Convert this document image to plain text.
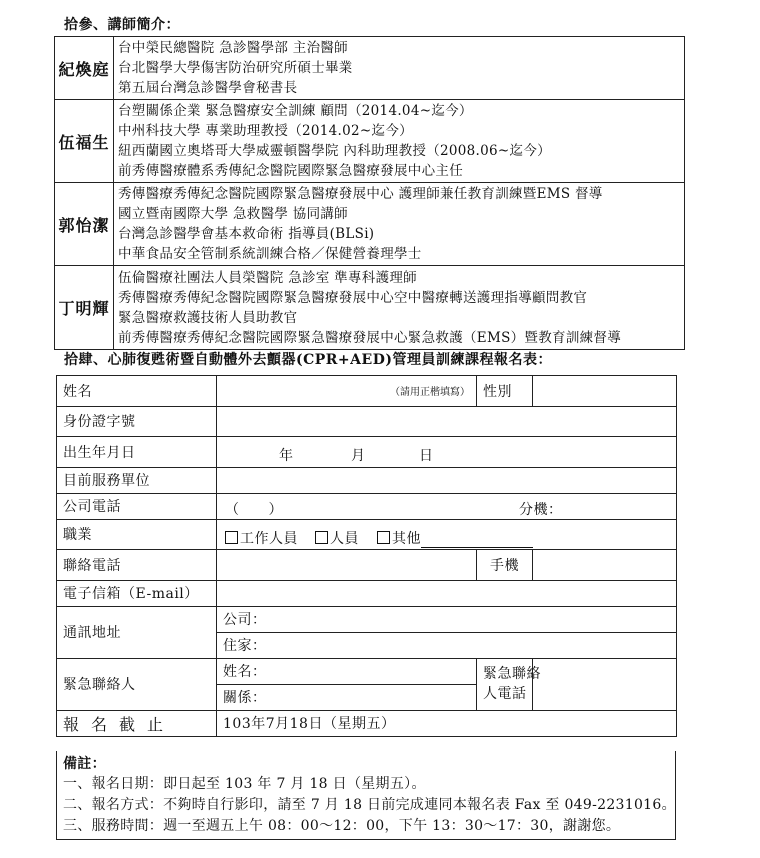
拾參、講師簡介：
紀煥庭	台中榮民總醫院 急診醫學部 主治醫師
台北醫學大學傷害防治研究所碩士畢業
第五屆台灣急診醫學會秘書長

伍福生	台塑關係企業 緊急醫療安全訓練 顧問（2014.04~迄今）
中州科技大學 專業助理教授（2014.02~迄今）
紐西蘭國立奧塔哥大學威靈頓醫學院 內科助理教授（2008.06~迄今）
前秀傳醫療體系秀傳紀念醫院國際緊急醫療發展中心主任

郭怡潔	秀傳醫療秀傳紀念醫院國際緊急醫療發展中心 護理師兼任教育訓練暨EMS 督導
國立暨南國際大學 急救醫學 協同講師
台灣急診醫學會基本救命術 指導員(BLSi)
中華食品安全管制系統訓練合格／保健營養理學士

丁明輝	伍倫醫療社團法人員榮醫院 急診室 準專科護理師
秀傳醫療秀傳紀念醫院國際緊急醫療發展中心空中醫療轉送護理指導顧問教官
緊急醫療救護技術人員助教官
前秀傳醫療秀傳紀念醫院國際緊急醫療發展中心緊急救護（EMS）暨教育訓練督導
拾肆、心肺復甦術暨自動體外去顫器(CPR+AED)管理員訓練課程報名表：
姓名	（請用正楷填寫）	性別	
身份證字號			
出生年月日	年 月 日		

目前服務單位			
公司電話	（　　） 分機：		

職業	工作人員 人員 其他		

聯絡電話		手機	
電子信箱（E-mail）			
通訊地址	公司：		
	住家：		
緊急聯絡人	姓名：	緊急聯絡
人電話	

	關係：		
報名截止	103年7月18日（星期五）		
備註：
一、報名日期：即日起至 103 年 7 月 18 日（星期五）。
二、報名方式：不夠時自行影印，請至 7 月 18 日前完成連同本報名表 Fax 至 049-2231016。
三、服務時間：週一至週五上午 08：00～12：00，下午 13：30～17：30，謝謝您。
